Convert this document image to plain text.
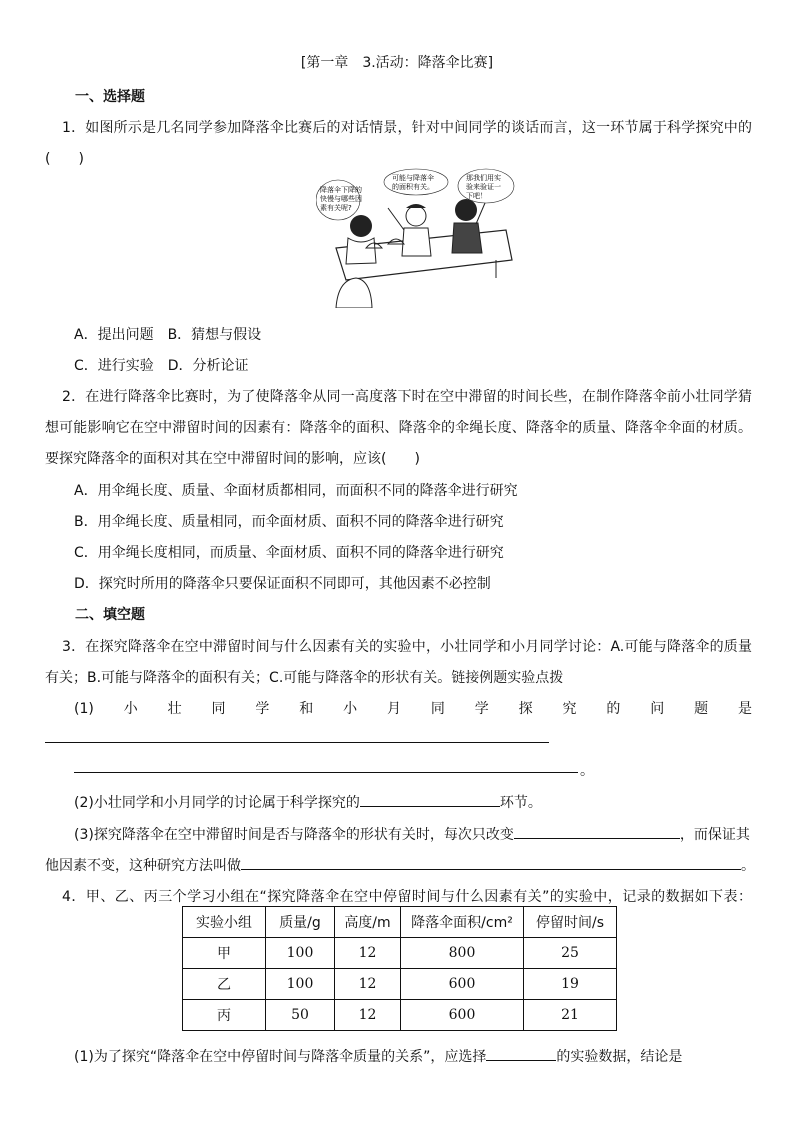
[第一章　3.活动：降落伞比赛]
一、选择题
1．如图所示是几名同学参加降落伞比赛后的对话情景，针对中间同学的谈话而言，这一环节属于科学探究中的
(　　)
降落伞下降的 快慢与哪些因 素有关呢?
可能与降落伞 的面积有关。
那我们用实 验来验证一 下吧！
A．提出问题　B．猜想与假设
C．进行实验　D．分析论证
2．在进行降落伞比赛时，为了使降落伞从同一高度落下时在空中滞留的时间长些，在制作降落伞前小壮同学猜
想可能影响它在空中滞留时间的因素有：降落伞的面积、降落伞的伞绳长度、降落伞的质量、降落伞伞面的材质。
要探究降落伞的面积对其在空中滞留时间的影响，应该(　　)
A．用伞绳长度、质量、伞面材质都相同，而面积不同的降落伞进行研究
B．用伞绳长度、质量相同，而伞面材质、面积不同的降落伞进行研究
C．用伞绳长度相同，而质量、伞面材质、面积不同的降落伞进行研究
D．探究时所用的降落伞只要保证面积不同即可，其他因素不必控制
二、填空题
3．在探究降落伞在空中滞留时间与什么因素有关的实验中，小壮同学和小月同学讨论：A.可能与降落伞的质量
有关；B.可能与降落伞的面积有关；C.可能与降落伞的形状有关。链接例题实验点拨
(1)　小　壮　同　学　和　小　月　同　学　探　究　的　问　题　是
。
(2)小壮同学和小月同学的讨论属于科学探究的	环节。
(3)探究降落伞在空中滞留时间是否与降落伞的形状有关时，每次只改变	，而保证其
他因素不变，这种研究方法叫做	。
4．甲、乙、丙三个学习小组在“探究降落伞在空中停留时间与什么因素有关”的实验中，记录的数据如下表：
实验小组	质量/g	高度/m	降落伞面积/cm²	停留时间/s
甲	100	12	800	25
乙	100	12	600	19
丙	50	12	600	21
(1)为了探究“降落伞在空中停留时间与降落伞质量的关系”，应选择	的实验数据，结论是
